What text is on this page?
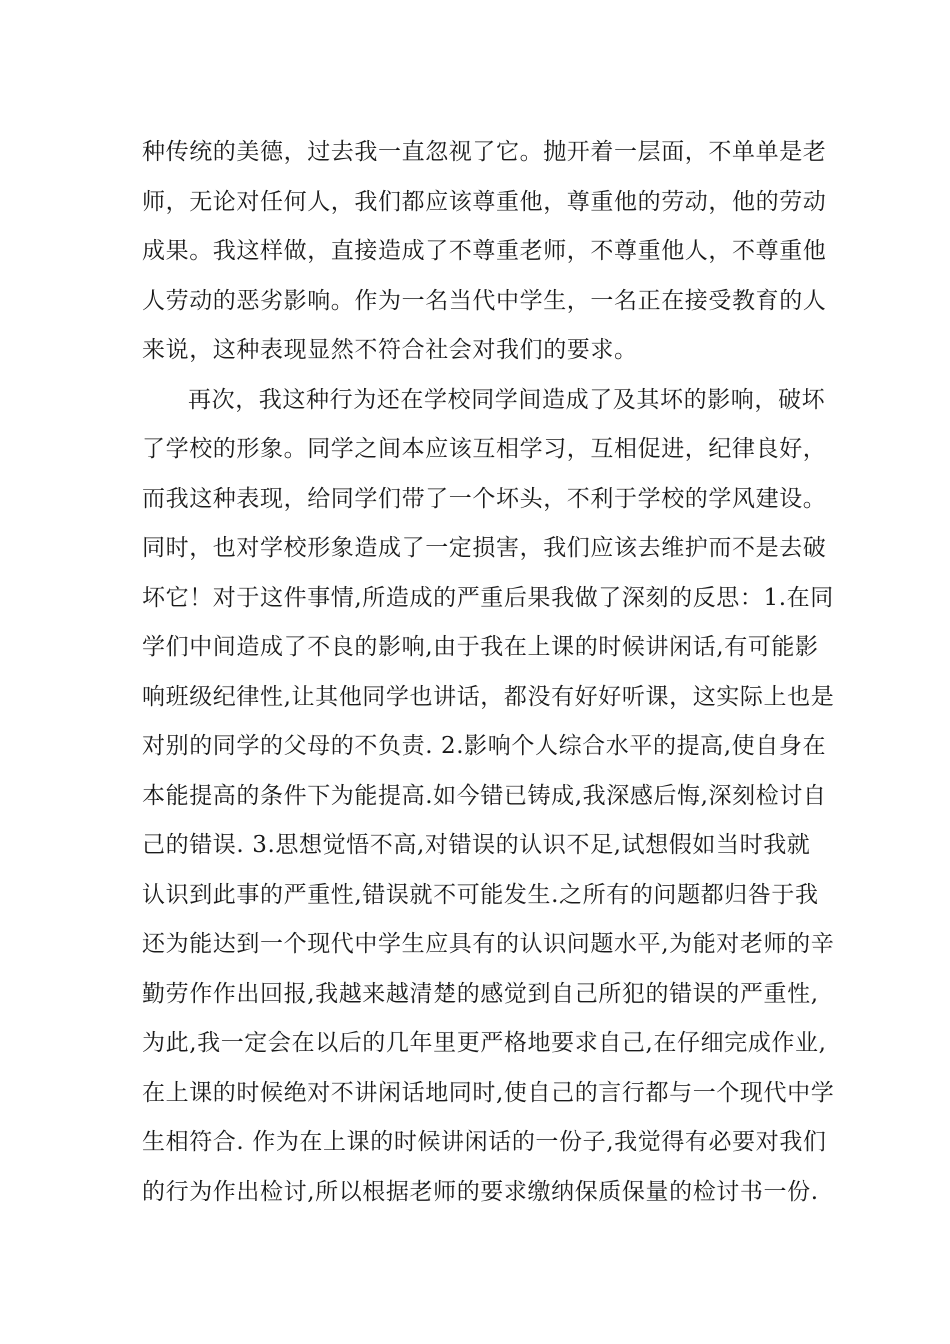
种传统的美德，过去我一直忽视了它。抛开着一层面，不单单是老
师，无论对任何人，我们都应该尊重他，尊重他的劳动，他的劳动
成果。我这样做，直接造成了不尊重老师，不尊重他人，不尊重他
人劳动的恶劣影响。作为一名当代中学生，一名正在接受教育的人
来说，这种表现显然不符合社会对我们的要求。
再次，我这种行为还在学校同学间造成了及其坏的影响，破坏
了学校的形象。同学之间本应该互相学习，互相促进，纪律良好，
而我这种表现，给同学们带了一个坏头，不利于学校的学风建设。
同时，也对学校形象造成了一定损害，我们应该去维护而不是去破
坏它！对于这件事情,所造成的严重后果我做了深刻的反思：1.在同
学们中间造成了不良的影响,由于我在上课的时候讲闲话,有可能影
响班级纪律性,让其他同学也讲话，都没有好好听课，这实际上也是
对别的同学的父母的不负责. 2.影响个人综合水平的提高,使自身在
本能提高的条件下为能提高.如今错已铸成,我深感后悔,深刻检讨自
己的错误. 3.思想觉悟不高,对错误的认识不足,试想假如当时我就
认识到此事的严重性,错误就不可能发生.之所有的问题都归咎于我
还为能达到一个现代中学生应具有的认识问题水平,为能对老师的辛
勤劳作作出回报,我越来越清楚的感觉到自己所犯的错误的严重性,
为此,我一定会在以后的几年里更严格地要求自己,在仔细完成作业,
在上课的时候绝对不讲闲话地同时,使自己的言行都与一个现代中学
生相符合. 作为在上课的时候讲闲话的一份子,我觉得有必要对我们
的行为作出检讨,所以根据老师的要求缴纳保质保量的检讨书一份.
